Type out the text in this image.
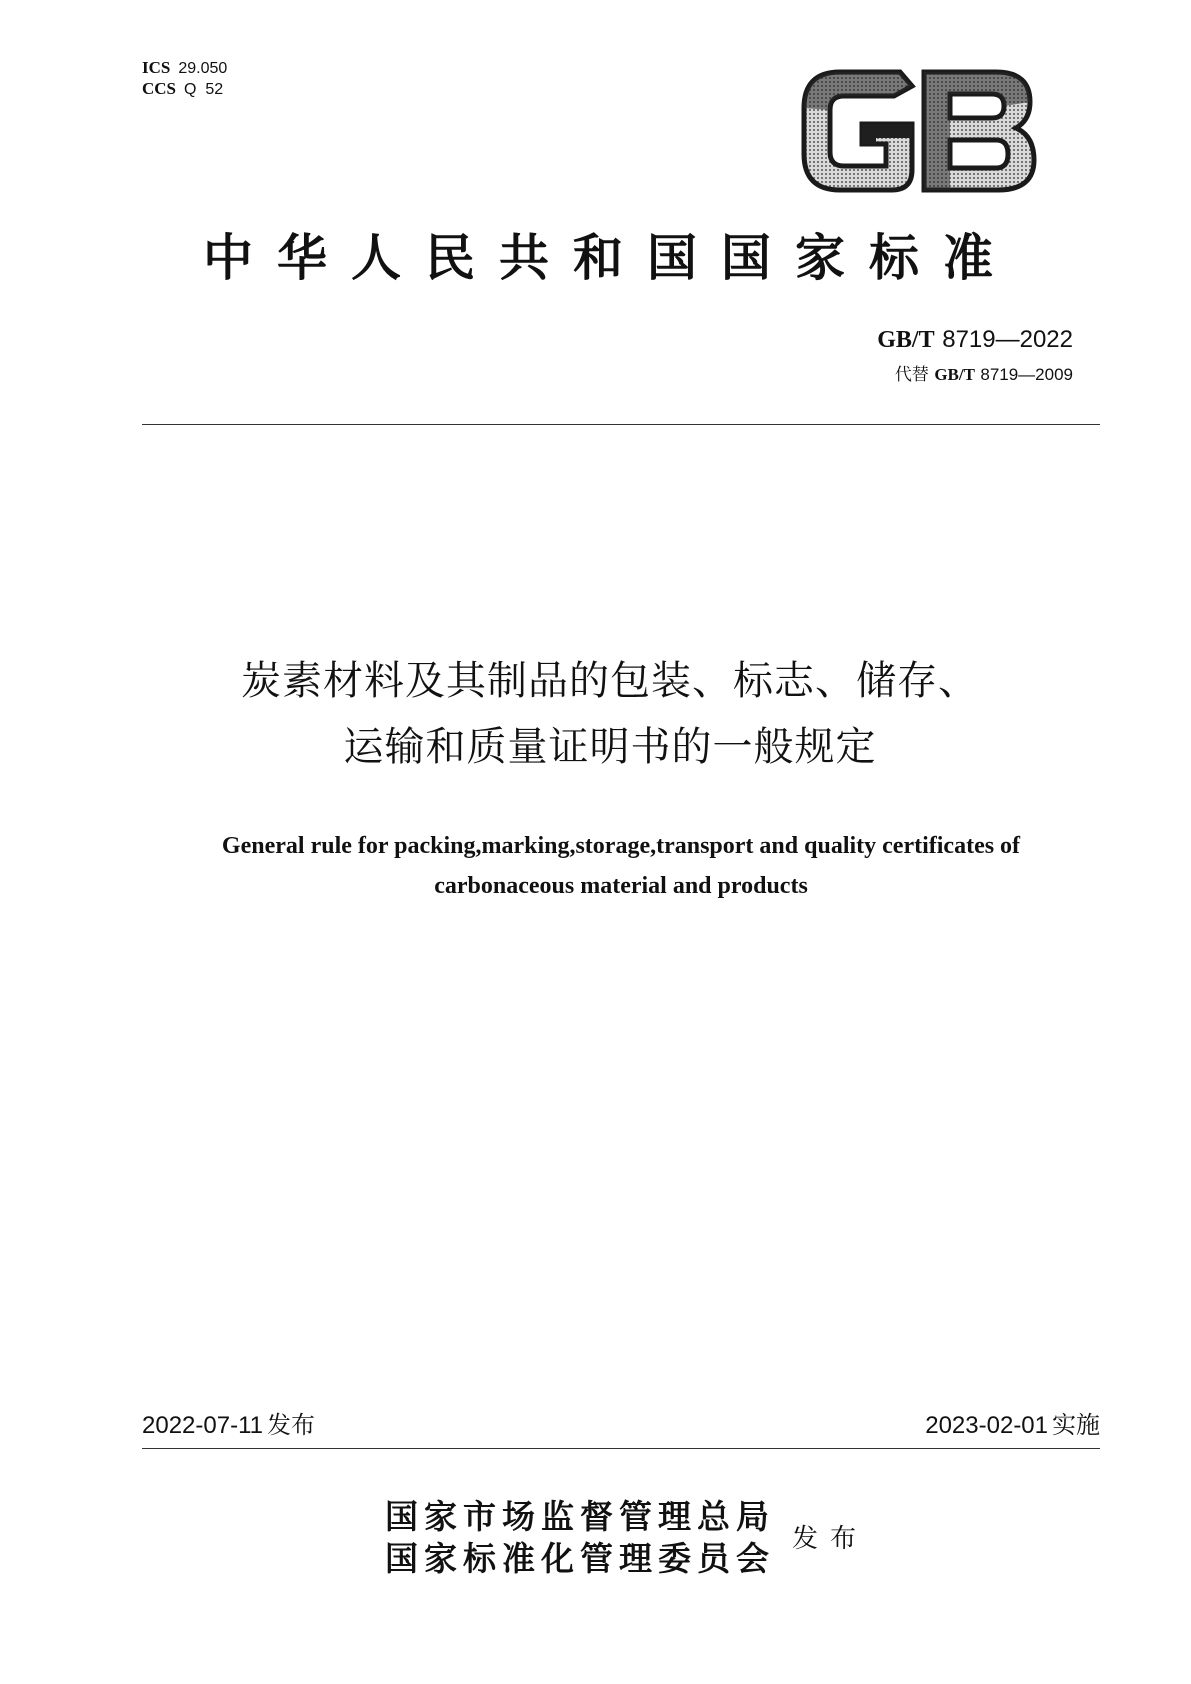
ICS 29.050
CCS Q  52
中华人民共和国国家标准
GB/T 8719—2022
代替 GB/T 8719—2009
炭素材料及其制品的包装、标志、储存、
运输和质量证明书的一般规定
General rule for packing,marking,storage,transport and quality certificates of
carbonaceous material and products
2022-07-11 发布	2023-02-01 实施
国家市场监督管理总局
国家标准化管理委员会 发布
